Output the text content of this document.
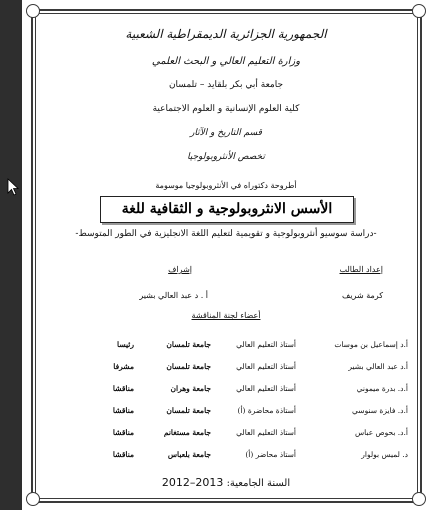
الجمهورية الجزائرية الديمقراطية الشعبية
وزارة التعليم العالي و البحث العلمي
جامعة أبي بكر بلقايد – تلمسان
كلية العلوم الإنسانية و العلوم الاجتماعية
قسم التاريخ و الآثار
تخصص الأنثروبولوجيا
أطروحة دكتوراه في الأنثروبولوجيا موسومة
الأسس الانثروبولوجية و الثقافية للغة
-دراسة سوسيو أنثروبولوجية و تقويمية لتعليم اللغة الانجليزية في الطور المتوسط-
إعداد الطالب
كرمة شريف
إشراف
أ . د عبد العالي بشير
أعضاء لجنة المناقشة
أ.د إسماعيل بن موسات
أستاذ التعليم العالي
جامعة تلمسان
رئيسا
أ.د عبد العالي بشير
أستاذ التعليم العالي
جامعة تلمسان
مشرفا
أ.د. بدرة ميموني
أستاذ التعليم العالي
جامعة وهران
مناقشا
أ.د. فايزة سنوسي
أستاذة محاضرة (أ)
جامعة تلمسان
مناقشا
أ.د. بحوص عباس
أستاذ التعليم العالي
جامعة مستغانم
مناقشا
د. لميس بولوار
أستاذ محاضر (أ)
جامعة بلعباس
مناقشا
السنة الجامعية: 2013–2012
